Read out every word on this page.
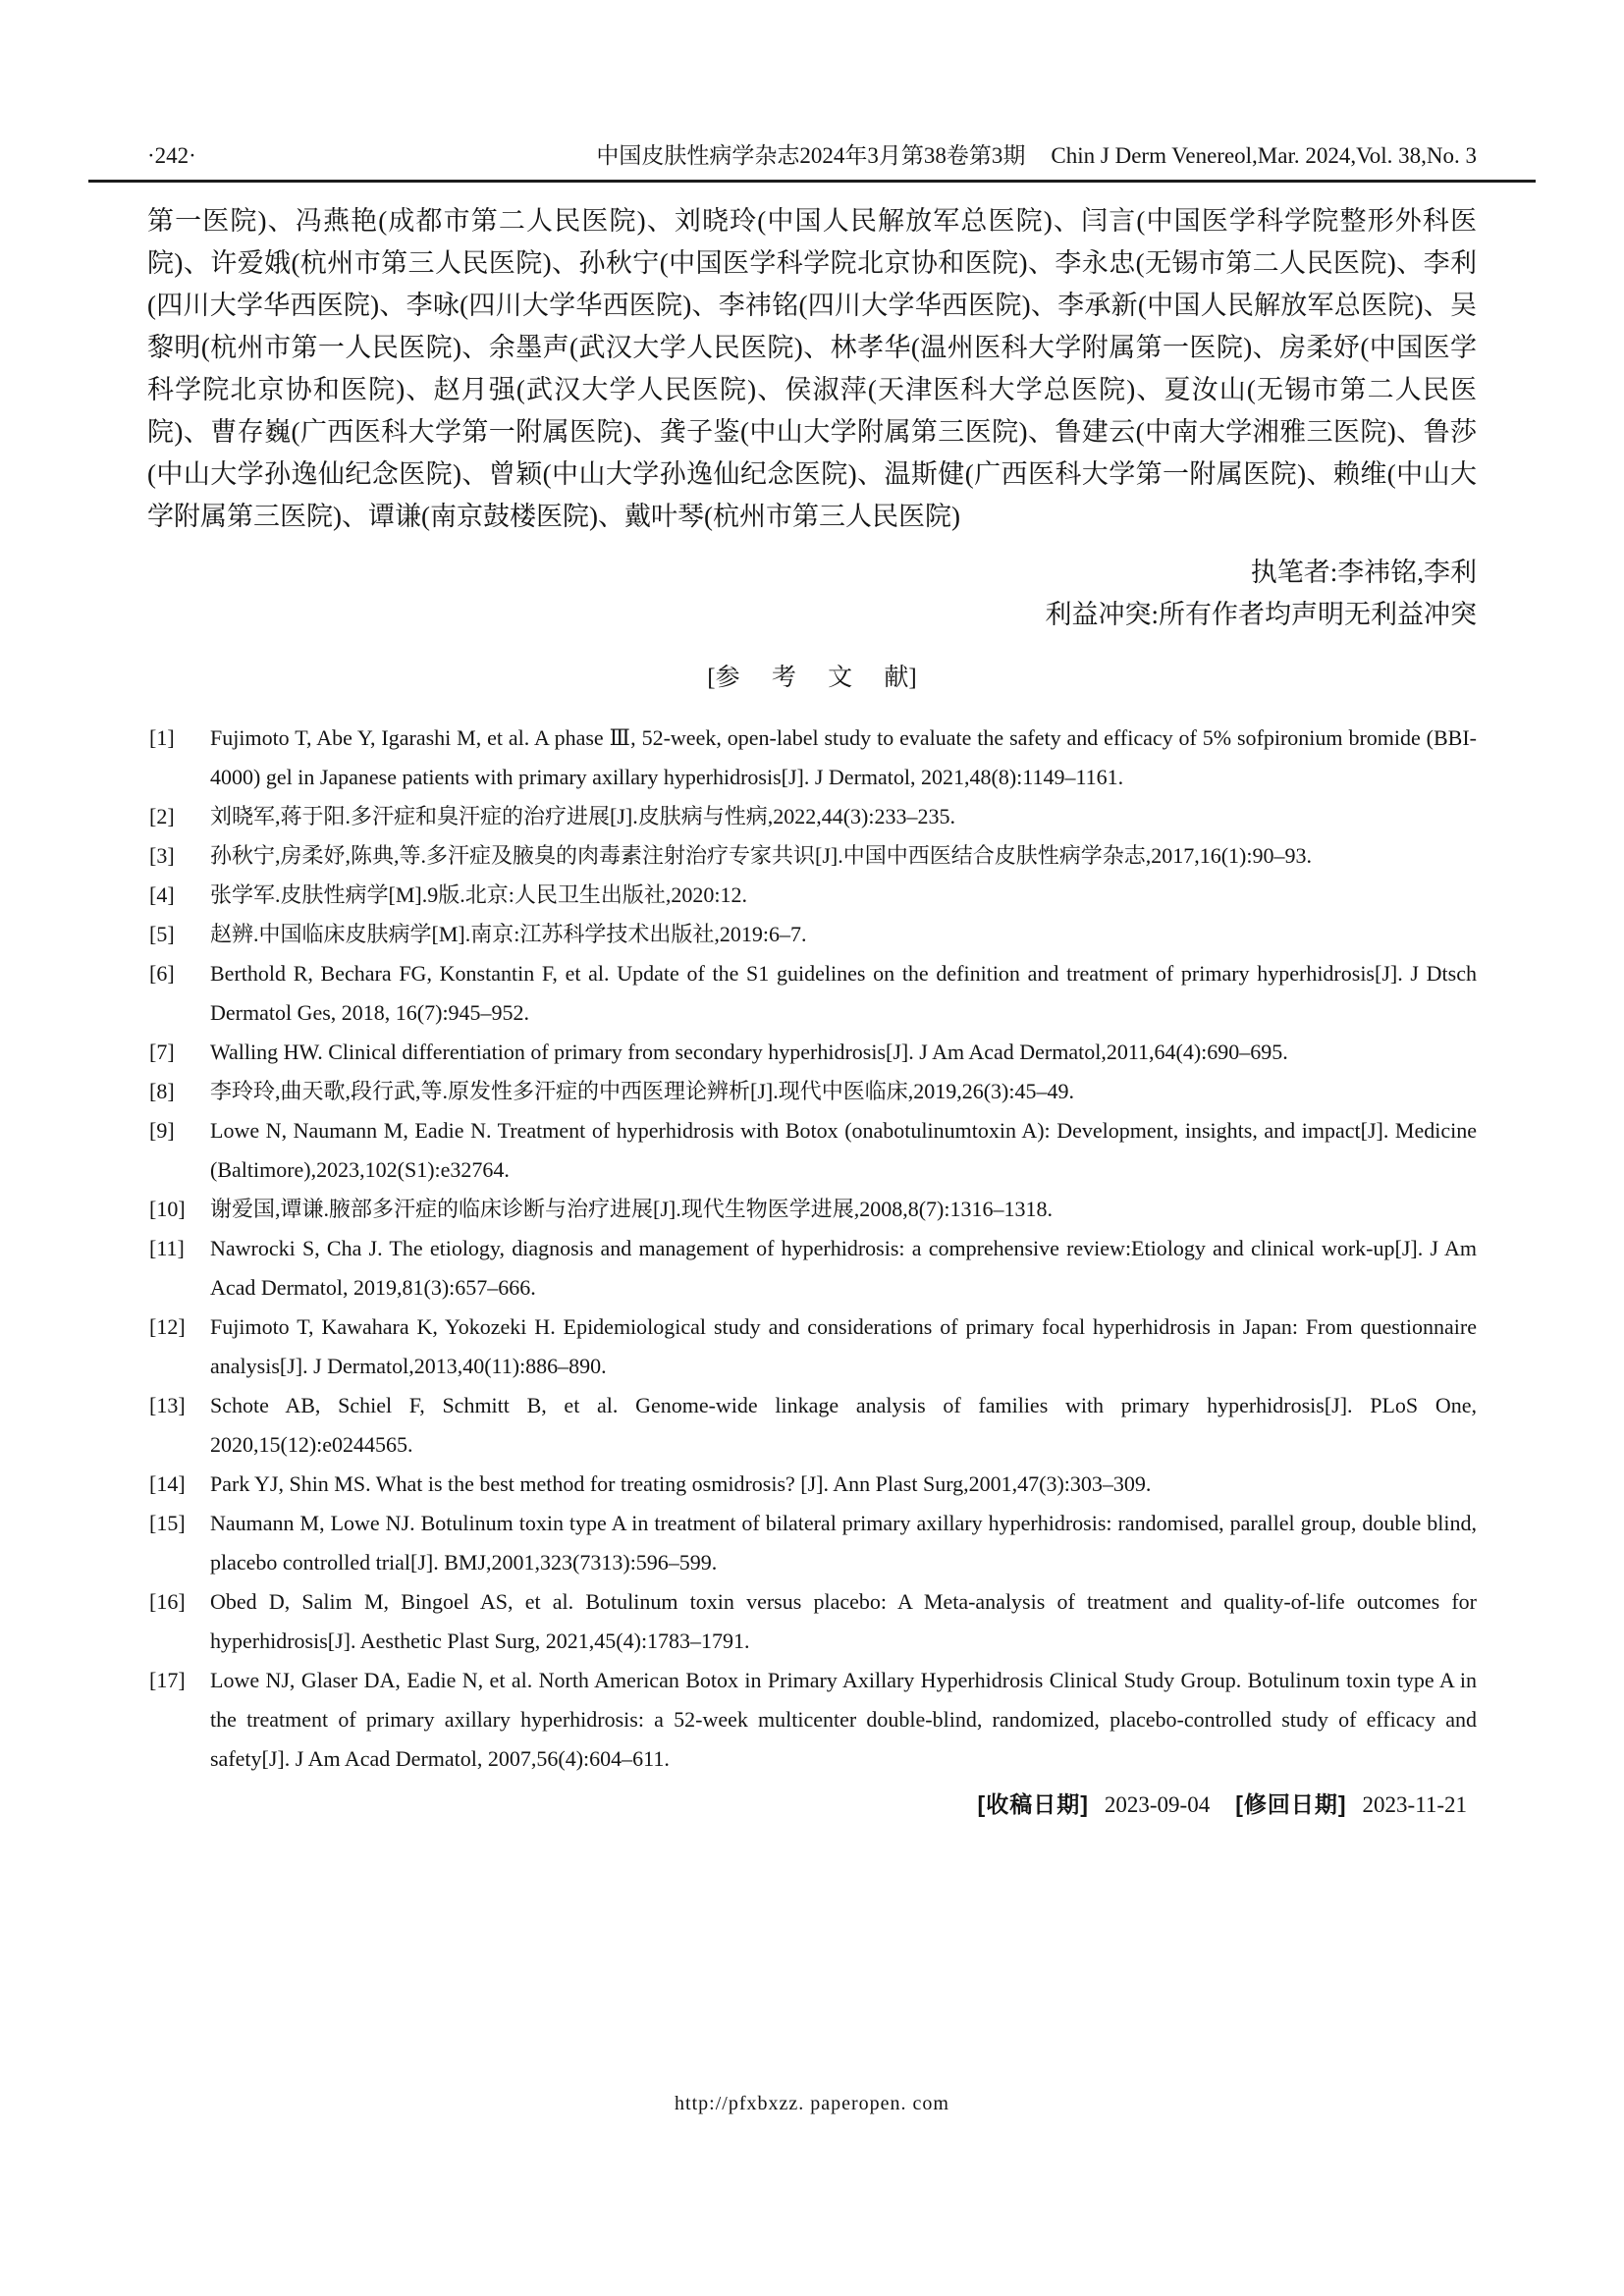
·242·	中国皮肤性病学杂志2024年3月第38卷第3期 Chin J Derm Venereol,Mar. 2024,Vol. 38,No. 3

第一医院)、冯燕艳(成都市第二人民医院)、刘晓玲(中国人民解放军总医院)、闫言(中国医学科学院整形外科医院)、许爱娥(杭州市第三人民医院)、孙秋宁(中国医学科学院北京协和医院)、李永忠(无锡市第二人民医院)、李利(四川大学华西医院)、李咏(四川大学华西医院)、李祎铭(四川大学华西医院)、李承新(中国人民解放军总医院)、吴黎明(杭州市第一人民医院)、余墨声(武汉大学人民医院)、林孝华(温州医科大学附属第一医院)、房柔妤(中国医学科学院北京协和医院)、赵月强(武汉大学人民医院)、侯淑萍(天津医科大学总医院)、夏汝山(无锡市第二人民医院)、曹存巍(广西医科大学第一附属医院)、龚子鉴(中山大学附属第三医院)、鲁建云(中南大学湘雅三医院)、鲁莎(中山大学孙逸仙纪念医院)、曾颖(中山大学孙逸仙纪念医院)、温斯健(广西医科大学第一附属医院)、赖维(中山大学附属第三医院)、谭谦(南京鼓楼医院)、戴叶琴(杭州市第三人民医院)

执笔者:李祎铭,李利

利益冲突:所有作者均声明无利益冲突

[参 考 文 献]
[1] Fujimoto T, Abe Y, Igarashi M, et al. A phase Ⅲ, 52-week, open-label study to evaluate the safety and efficacy of 5% sofpironium bromide (BBI-4000) gel in Japanese patients with primary axillary hyperhidrosis[J]. J Dermatol, 2021,48(8):1149–1161.
[2] 刘晓军,蒋于阳.多汗症和臭汗症的治疗进展[J].皮肤病与性病,2022,44(3):233–235.
[3] 孙秋宁,房柔妤,陈典,等.多汗症及腋臭的肉毒素注射治疗专家共识[J].中国中西医结合皮肤性病学杂志,2017,16(1):90–93.
[4] 张学军.皮肤性病学[M].9版.北京:人民卫生出版社,2020:12.
[5] 赵辨.中国临床皮肤病学[M].南京:江苏科学技术出版社,2019:6–7.
[6] Berthold R, Bechara FG, Konstantin F, et al. Update of the S1 guidelines on the definition and treatment of primary hyperhidrosis[J]. J Dtsch Dermatol Ges, 2018, 16(7):945–952.
[7] Walling HW. Clinical differentiation of primary from secondary hyperhidrosis[J]. J Am Acad Dermatol,2011,64(4):690–695.
[8] 李玲玲,曲天歌,段行武,等.原发性多汗症的中西医理论辨析[J].现代中医临床,2019,26(3):45–49.
[9] Lowe N, Naumann M, Eadie N. Treatment of hyperhidrosis with Botox (onabotulinumtoxin A): Development, insights, and impact[J]. Medicine (Baltimore),2023,102(S1):e32764.
[10] 谢爱国,谭谦.腋部多汗症的临床诊断与治疗进展[J].现代生物医学进展,2008,8(7):1316–1318.
[11] Nawrocki S, Cha J. The etiology, diagnosis and management of hyperhidrosis: a comprehensive review:Etiology and clinical work-up[J]. J Am Acad Dermatol, 2019,81(3):657–666.
[12] Fujimoto T, Kawahara K, Yokozeki H. Epidemiological study and considerations of primary focal hyperhidrosis in Japan: From questionnaire analysis[J]. J Dermatol,2013,40(11):886–890.
[13] Schote AB, Schiel F, Schmitt B, et al. Genome-wide linkage analysis of families with primary hyperhidrosis[J]. PLoS One, 2020,15(12):e0244565.
[14] Park YJ, Shin MS. What is the best method for treating osmidrosis? [J]. Ann Plast Surg,2001,47(3):303–309.
[15] Naumann M, Lowe NJ. Botulinum toxin type A in treatment of bilateral primary axillary hyperhidrosis: randomised, parallel group, double blind, placebo controlled trial[J]. BMJ,2001,323(7313):596–599.
[16] Obed D, Salim M, Bingoel AS, et al. Botulinum toxin versus placebo: A Meta-analysis of treatment and quality-of-life outcomes for hyperhidrosis[J]. Aesthetic Plast Surg, 2021,45(4):1783–1791.
[17] Lowe NJ, Glaser DA, Eadie N, et al. North American Botox in Primary Axillary Hyperhidrosis Clinical Study Group. Botulinum toxin type A in the treatment of primary axillary hyperhidrosis: a 52-week multicenter double-blind, randomized, placebo-controlled study of efficacy and safety[J]. J Am Acad Dermatol, 2007,56(4):604–611.

[收稿日期] 2023-09-04 [修回日期] 2023-11-21

http://pfxbxzz. paperopen. com
